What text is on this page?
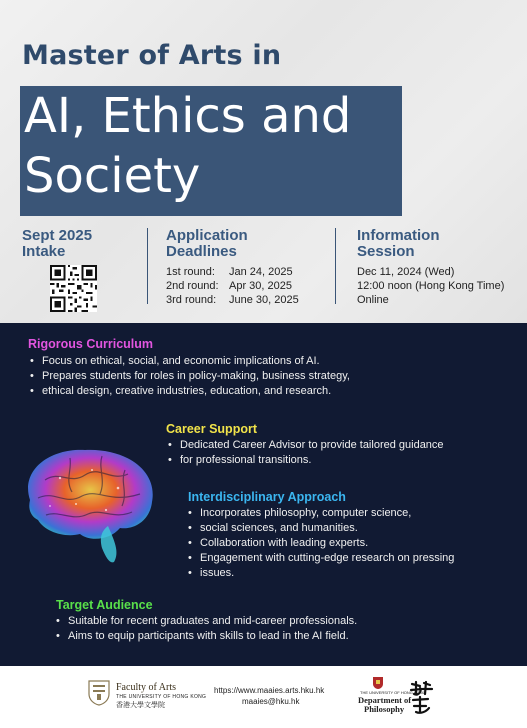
Master of Arts in
AI, Ethics and
Society
Sept 2025
Intake
Application
Deadlines
1st round: Jan 24, 2025
2nd round: Apr 30, 2025
3rd round: June 30, 2025
Information
Session
Dec 11, 2024 (Wed)
12:00 noon (Hong Kong Time)
Online
Rigorous Curriculum
• Focus on ethical, social, and economic implications of AI.
• Prepares students for roles in policy-making, business strategy,
• ethical design, creative industries, education, and research.
Career Support
• Dedicated Career Advisor to provide tailored guidance
• for professional transitions.
Interdisciplinary Approach
• Incorporates philosophy, computer science,
• social sciences, and humanities.
• Collaboration with leading experts.
• Engagement with cutting-edge research on pressing
• issues.
Target Audience
• Suitable for recent graduates and mid-career professionals.
• Aims to equip participants with skills to lead in the AI field.
Faculty of Arts
THE UNIVERSITY OF HONG KONG
香港大學文學院
https://www.maaies.arts.hku.hk
maaies@hku.hk
THE UNIVERSITY OF HONG KONG
Department of
Philosophy
